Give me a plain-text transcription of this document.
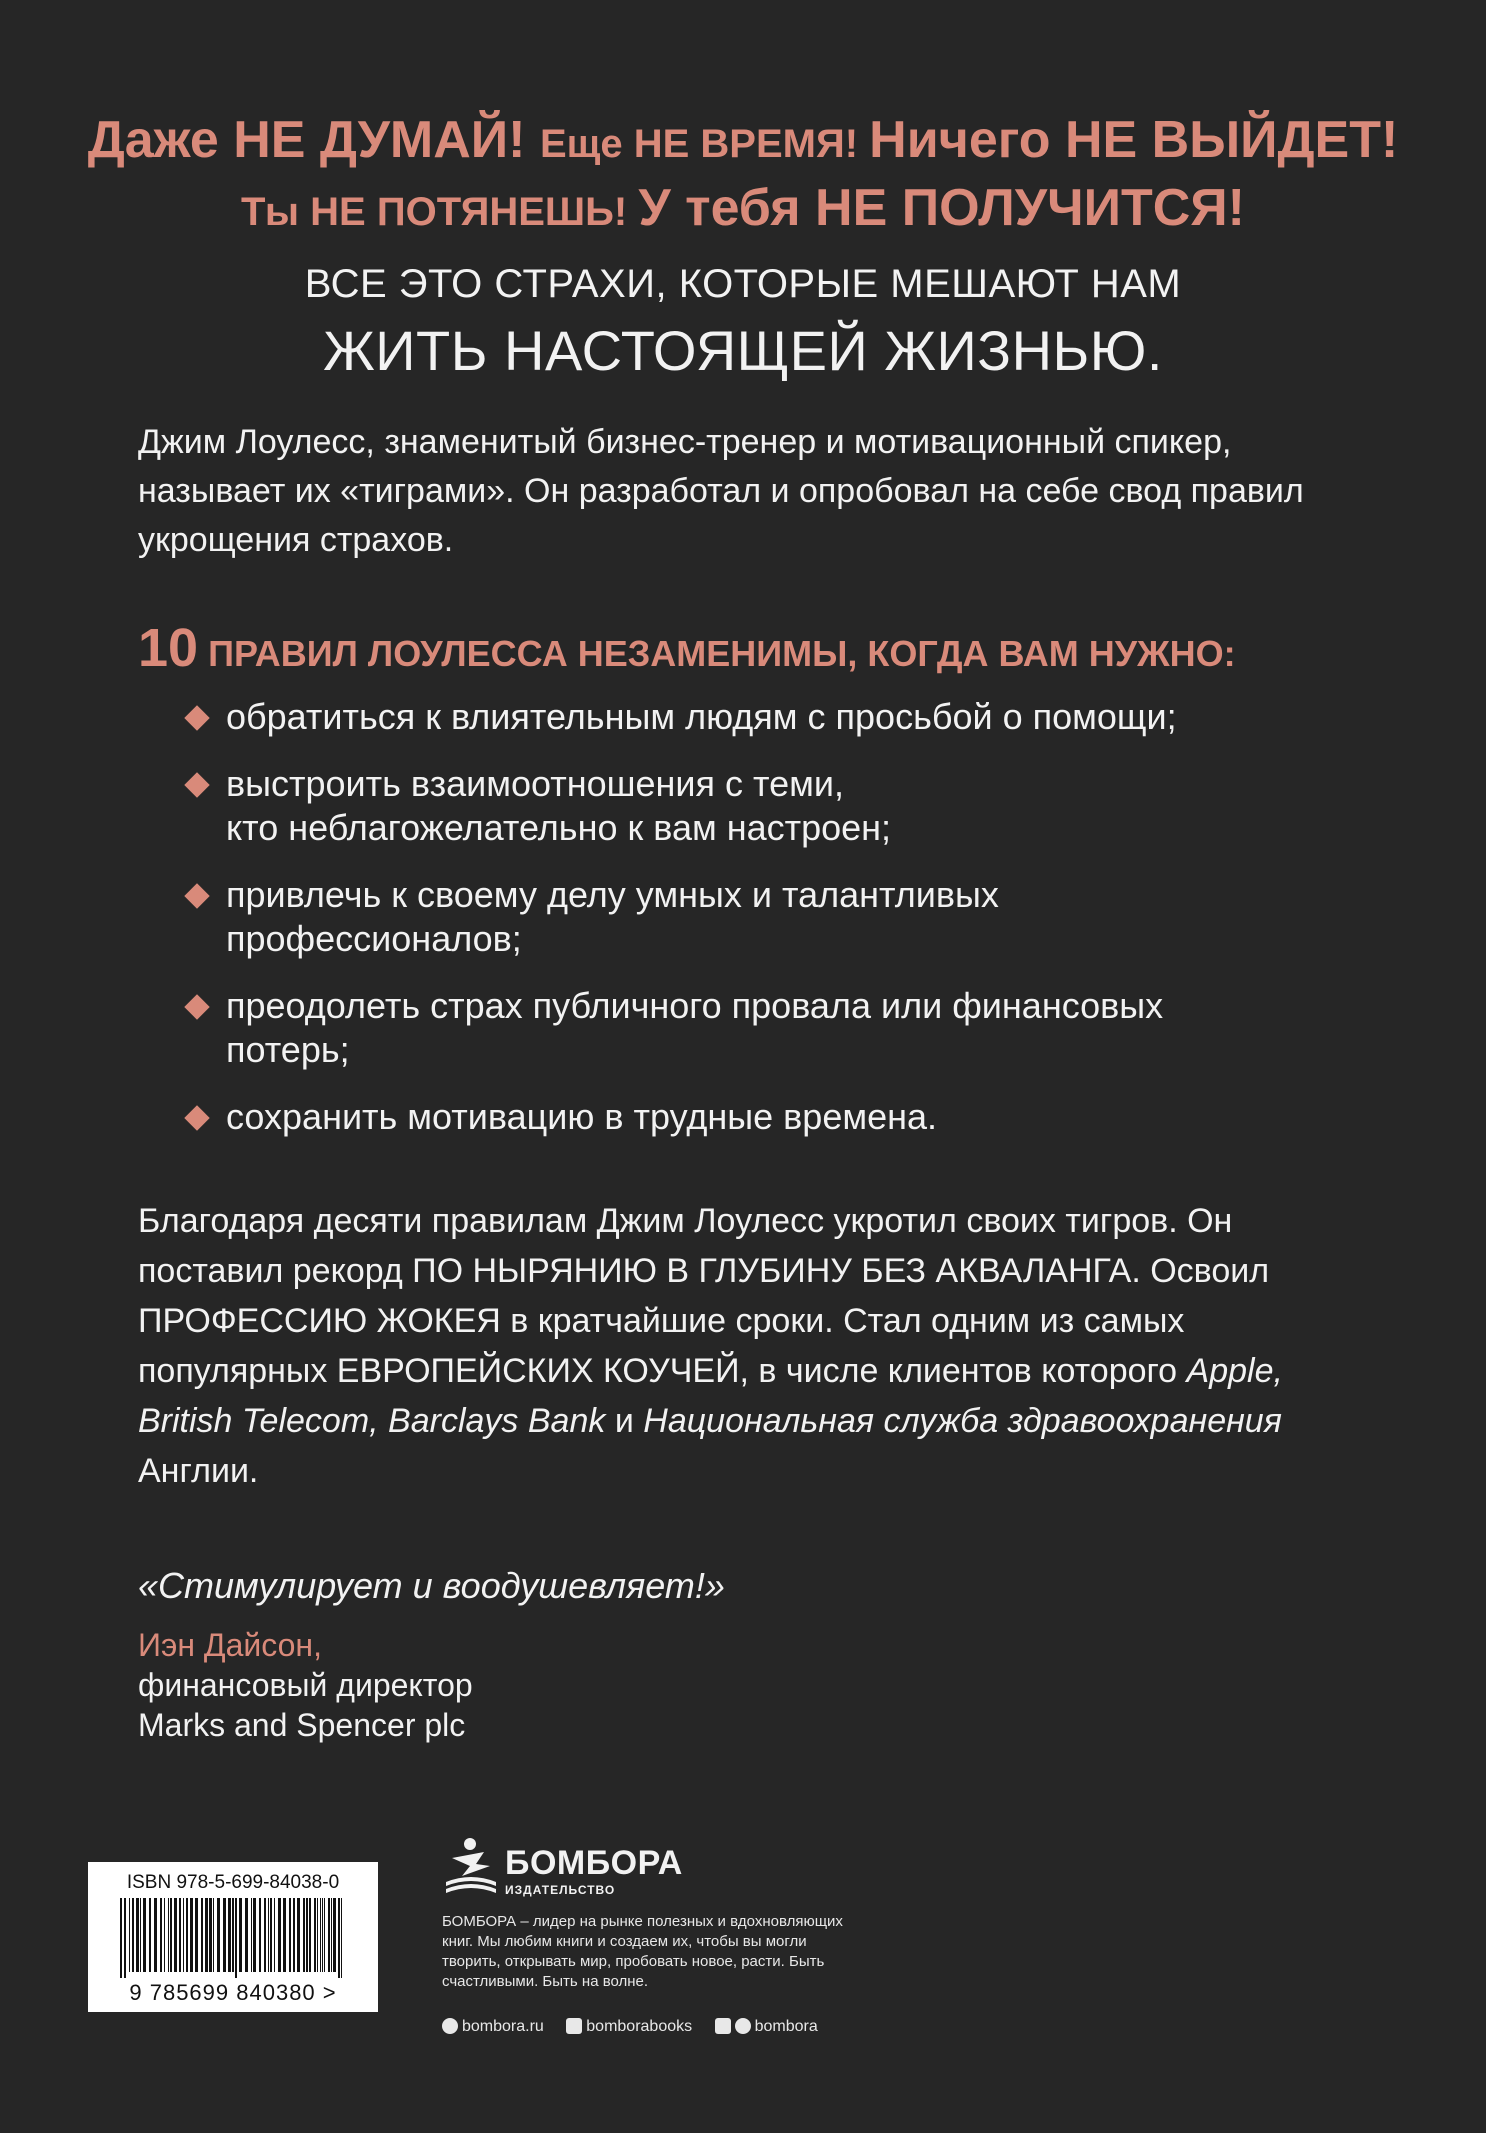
Даже НЕ ДУМАЙ! Еще НЕ ВРЕМЯ! Ничего НЕ ВЫЙДЕТ!
Ты НЕ ПОТЯНЕШЬ! У тебя НЕ ПОЛУЧИТСЯ!
ВСЕ ЭТО СТРАХИ, КОТОРЫЕ МЕШАЮТ НАМ
ЖИТЬ НАСТОЯЩЕЙ ЖИЗНЬЮ.
Джим Лоулесс, знаменитый бизнес-тренер и мотивационный спикер, называет их «тиграми». Он разработал и опробовал на себе свод правил укрощения страхов.
10 ПРАВИЛ ЛОУЛЕССА НЕЗАМЕНИМЫ, КОГДА ВАМ НУЖНО:
обратиться к влиятельным людям с просьбой о помощи;
выстроить взаимоотношения с теми,
кто неблагожелательно к вам настроен;
привлечь к своему делу умных и талантливых
профессионалов;
преодолеть страх публичного провала или финансовых
потерь;
сохранить мотивацию в трудные времена.
Благодаря десяти правилам Джим Лоулесс укротил своих тигров. Он поставил рекорд ПО НЫРЯНИЮ В ГЛУБИНУ БЕЗ АКВАЛАНГА. Освоил ПРОФЕССИЮ ЖОКЕЯ в кратчайшие сроки. Стал одним из самых популярных ЕВРОПЕЙСКИХ КОУЧЕЙ, в числе клиентов которого Apple, British Telecom, Barclays Bank и Национальная служба здравоохранения Англии.
«Стимулирует и воодушевляет!»
Иэн Дайсон,
финансовый директор
Marks and Spencer plc
ISBN 978-5-699-84038-0
9 785699 840380 >
БОМБОРА
ИЗДАТЕЛЬСТВО
БОМБОРА – лидер на рынке полезных и вдохновляющих книг. Мы любим книги и создаем их, чтобы вы могли творить, открывать мир, пробовать новое, расти. Быть счастливыми. Быть на волне.
bombora.ru	bomborabooks	bombora
